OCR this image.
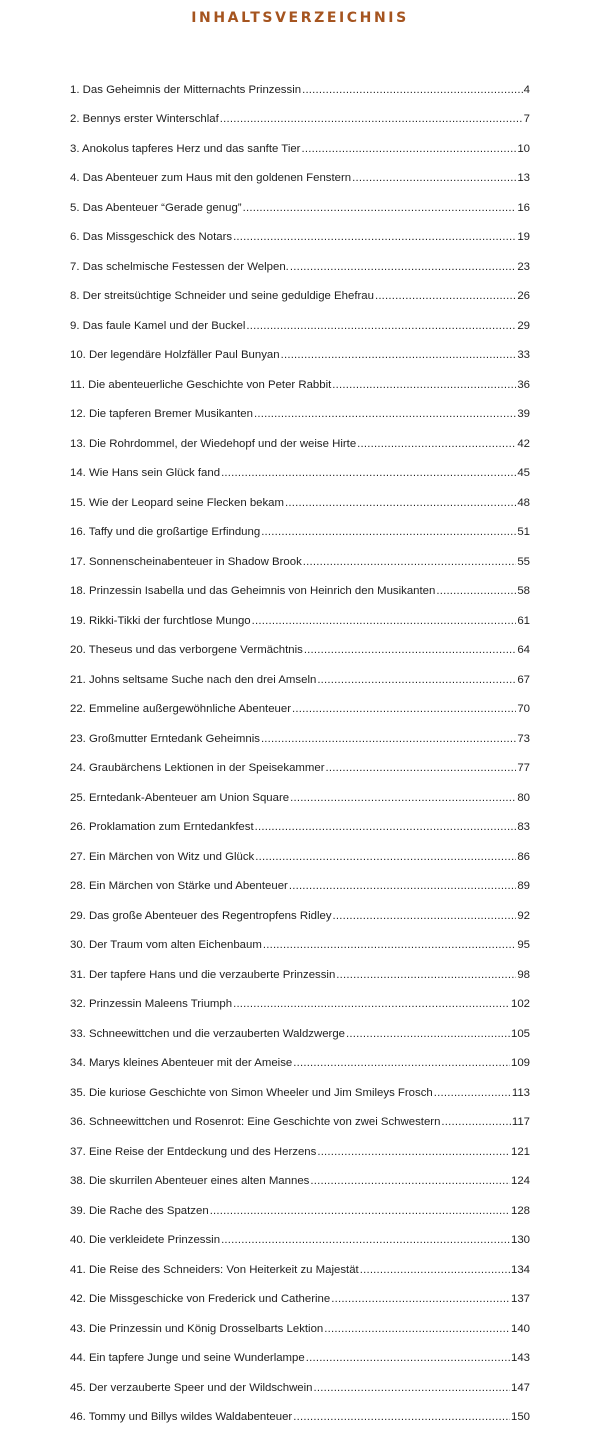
INHALTSVERZEICHNIS
1. Das Geheimnis der Mitternachts Prinzessin .....	4
2. Bennys erster Winterschlaf .....	7
3. Anokolus tapferes Herz und das sanfte Tier .....	10
4. Das Abenteuer zum Haus mit den goldenen Fenstern .....	13
5. Das Abenteuer “Gerade genug” .....	16
6. Das Missgeschick des Notars .....	19
7. Das schelmische Festessen der Welpen. .....	23
8. Der streitsüchtige Schneider und seine geduldige Ehefrau .....	26
9. Das faule Kamel und der Buckel .....	29
10. Der legendäre Holzfäller Paul Bunyan .....	33
11. Die abenteuerliche Geschichte von Peter Rabbit .....	36
12. Die tapferen Bremer Musikanten .....	39
13. Die Rohrdommel, der Wiedehopf und der weise Hirte .....	42
14. Wie Hans sein Glück fand .....	45
15. Wie der Leopard seine Flecken bekam .....	48
16. Taffy und die großartige Erfindung .....	51
17. Sonnenscheinabenteuer in Shadow Brook .....	55
18. Prinzessin Isabella und das Geheimnis von Heinrich den Musikanten .....	58
19. Rikki-Tikki der furchtlose Mungo .....	61
20. Theseus und das verborgene Vermächtnis .....	64
21. Johns seltsame Suche nach den drei Amseln .....	67
22. Emmeline außergewöhnliche Abenteuer .....	70
23. Großmutter Erntedank Geheimnis .....	73
24. Graubärchens Lektionen in der Speisekammer .....	77
25. Erntedank-Abenteuer am Union Square .....	80
26. Proklamation zum Erntedankfest .....	83
27. Ein Märchen von Witz und Glück .....	86
28. Ein Märchen von Stärke und Abenteuer .....	89
29. Das große Abenteuer des Regentropfens Ridley .....	92
30. Der Traum vom alten Eichenbaum .....	95
31. Der tapfere Hans und die verzauberte Prinzessin .....	98
32. Prinzessin Maleens Triumph .....	102
33. Schneewittchen und die verzauberten Waldzwerge .....	105
34. Marys kleines Abenteuer mit der Ameise .....	109
35. Die kuriose Geschichte von Simon Wheeler und Jim Smileys Frosch .....	113
36. Schneewittchen und Rosenrot: Eine Geschichte von zwei Schwestern .....	117
37. Eine Reise der Entdeckung und des Herzens .....	121
38. Die skurrilen Abenteuer eines alten Mannes .....	124
39. Die Rache des Spatzen .....	128
40. Die verkleidete Prinzessin .....	130
41. Die Reise des Schneiders: Von Heiterkeit zu Majestät .....	134
42. Die Missgeschicke von Frederick und Catherine .....	137
43. Die Prinzessin und König Drosselbarts Lektion .....	140
44. Ein tapfere Junge und seine Wunderlampe .....	143
45. Der verzauberte Speer und der Wildschwein .....	147
46. Tommy und Billys wildes Waldabenteuer .....	150
